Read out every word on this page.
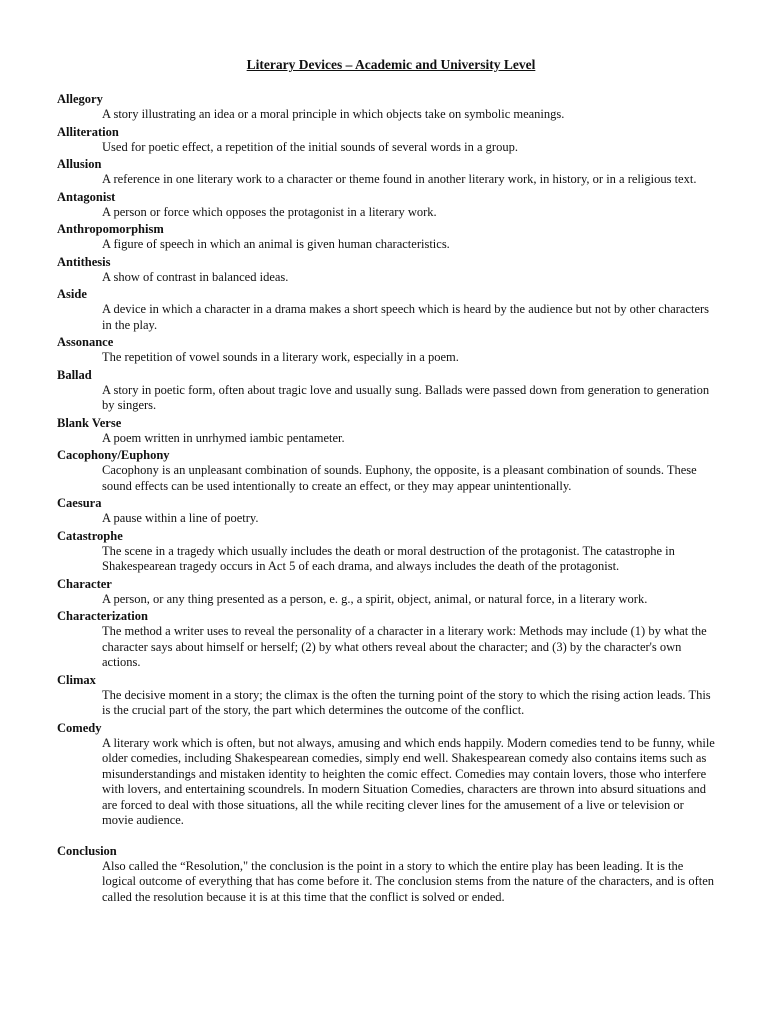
Literary Devices – Academic and University Level
Allegory
A story illustrating an idea or a moral principle in which objects take on symbolic meanings.
Alliteration
Used for poetic effect, a repetition of the initial sounds of several words in a group.
Allusion
A reference in one literary work to a character or theme found in another literary work, in history, or in a religious text.
Antagonist
A person or force which opposes the protagonist in a literary work.
Anthropomorphism
A figure of speech in which an animal is given human characteristics.
Antithesis
A show of contrast in balanced ideas.
Aside
A device in which a character in a drama makes a short speech which is heard by the audience but not by other characters in the play.
Assonance
The repetition of vowel sounds in a literary work, especially in a poem.
Ballad
A story in poetic form, often about tragic love and usually sung. Ballads were passed down from generation to generation by singers.
Blank Verse
A poem written in unrhymed iambic pentameter.
Cacophony/Euphony
Cacophony is an unpleasant combination of sounds. Euphony, the opposite, is a pleasant combination of sounds. These sound effects can be used intentionally to create an effect, or they may appear unintentionally.
Caesura
A pause within a line of poetry.
Catastrophe
The scene in a tragedy which usually includes the death or moral destruction of the protagonist. The catastrophe in Shakespearean tragedy occurs in Act 5 of each drama, and always includes the death of the protagonist.
Character
A person, or any thing presented as a person, e. g., a spirit, object, animal, or natural force, in a literary work.
Characterization
The method a writer uses to reveal the personality of a character in a literary work: Methods may include (1) by what the character says about himself or herself; (2) by what others reveal about the character; and (3) by the character's own actions.
Climax
The decisive moment in a story; the climax is the often the turning point of the story to which the rising action leads. This is the crucial part of the story, the part which determines the outcome of the conflict.
Comedy
A literary work which is often, but not always, amusing and which ends happily. Modern comedies tend to be funny, while older comedies, including Shakespearean comedies, simply end well. Shakespearean comedy also contains items such as misunderstandings and mistaken identity to heighten the comic effect. Comedies may contain lovers, those who interfere with lovers, and entertaining scoundrels. In modern Situation Comedies, characters are thrown into absurd situations and are forced to deal with those situations, all the while reciting clever lines for the amusement of a live or television or movie audience.
Conclusion
Also called the “Resolution," the conclusion is the point in a story to which the entire play has been leading. It is the logical outcome of everything that has come before it. The conclusion stems from the nature of the characters, and is often called the resolution because it is at this time that the conflict is solved or ended.
